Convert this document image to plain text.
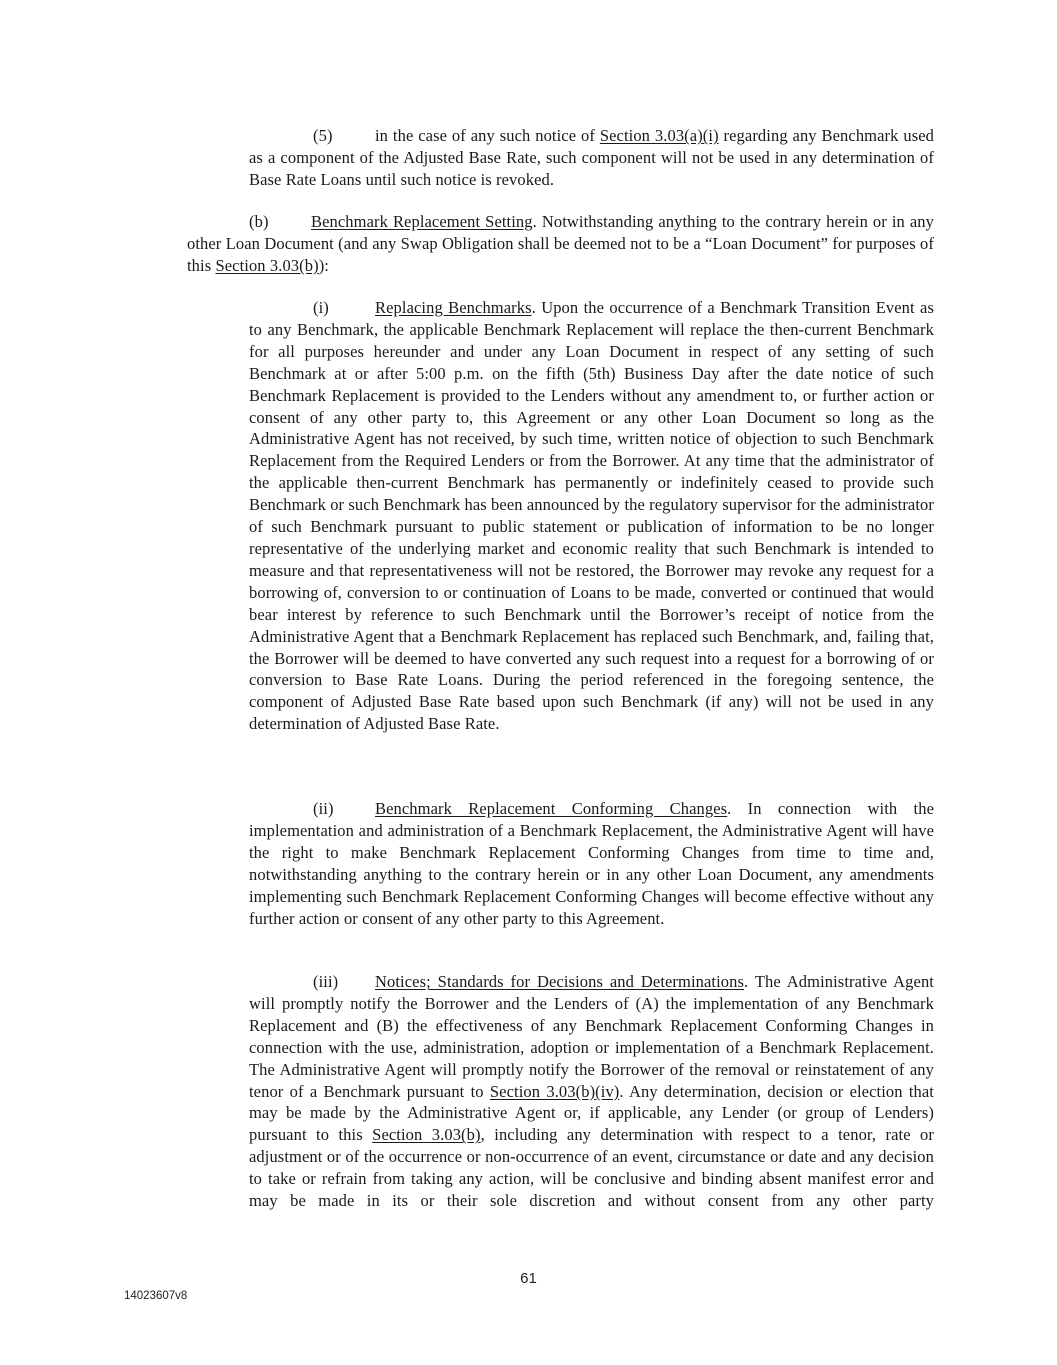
(5)	in the case of any such notice of Section 3.03(a)(i) regarding any Benchmark used as a component of the Adjusted Base Rate, such component will not be used in any determination of Base Rate Loans until such notice is revoked.

(b)	Benchmark Replacement Setting. Notwithstanding anything to the contrary herein or in any other Loan Document (and any Swap Obligation shall be deemed not to be a “Loan Document” for purposes of this Section 3.03(b)):

(i)	Replacing Benchmarks. Upon the occurrence of a Benchmark Transition Event as to any Benchmark, the applicable Benchmark Replacement will replace the then-current Benchmark for all purposes hereunder and under any Loan Document in respect of any setting of such Benchmark at or after 5:00 p.m. on the fifth (5th) Business Day after the date notice of such Benchmark Replacement is provided to the Lenders without any amendment to, or further action or consent of any other party to, this Agreement or any other Loan Document so long as the Administrative Agent has not received, by such time, written notice of objection to such Benchmark Replacement from the Required Lenders or from the Borrower. At any time that the administrator of the applicable then-current Benchmark has permanently or indefinitely ceased to provide such Benchmark or such Benchmark has been announced by the regulatory supervisor for the administrator of such Benchmark pursuant to public statement or publication of information to be no longer representative of the underlying market and economic reality that such Benchmark is intended to measure and that representativeness will not be restored, the Borrower may revoke any request for a borrowing of, conversion to or continuation of Loans to be made, converted or continued that would bear interest by reference to such Benchmark until the Borrower’s receipt of notice from the Administrative Agent that a Benchmark Replacement has replaced such Benchmark, and, failing that, the Borrower will be deemed to have converted any such request into a request for a borrowing of or conversion to Base Rate Loans. During the period referenced in the foregoing sentence, the component of Adjusted Base Rate based upon such Benchmark (if any) will not be used in any determination of Adjusted Base Rate.

(ii)	Benchmark Replacement Conforming Changes. In connection with the implementation and administration of a Benchmark Replacement, the Administrative Agent will have the right to make Benchmark Replacement Conforming Changes from time to time and, notwithstanding anything to the contrary herein or in any other Loan Document, any amendments implementing such Benchmark Replacement Conforming Changes will become effective without any further action or consent of any other party to this Agreement.

(iii) Notices; Standards for Decisions and Determinations. The Administrative Agent will promptly notify the Borrower and the Lenders of (A) the implementation of any Benchmark Replacement and (B) the effectiveness of any Benchmark Replacement Conforming Changes in connection with the use, administration, adoption or implementation of a Benchmark Replacement. The Administrative Agent will promptly notify the Borrower of the removal or reinstatement of any tenor of a Benchmark pursuant to Section 3.03(b)(iv). Any determination, decision or election that may be made by the Administrative Agent or, if applicable, any Lender (or group of Lenders) pursuant to this Section 3.03(b), including any determination with respect to a tenor, rate or adjustment or of the occurrence or non-occurrence of an event, circumstance or date and any decision to take or refrain from taking any action, will be conclusive and binding absent manifest error and may be made in its or their sole discretion and without consent from any other party

61
14023607v8
